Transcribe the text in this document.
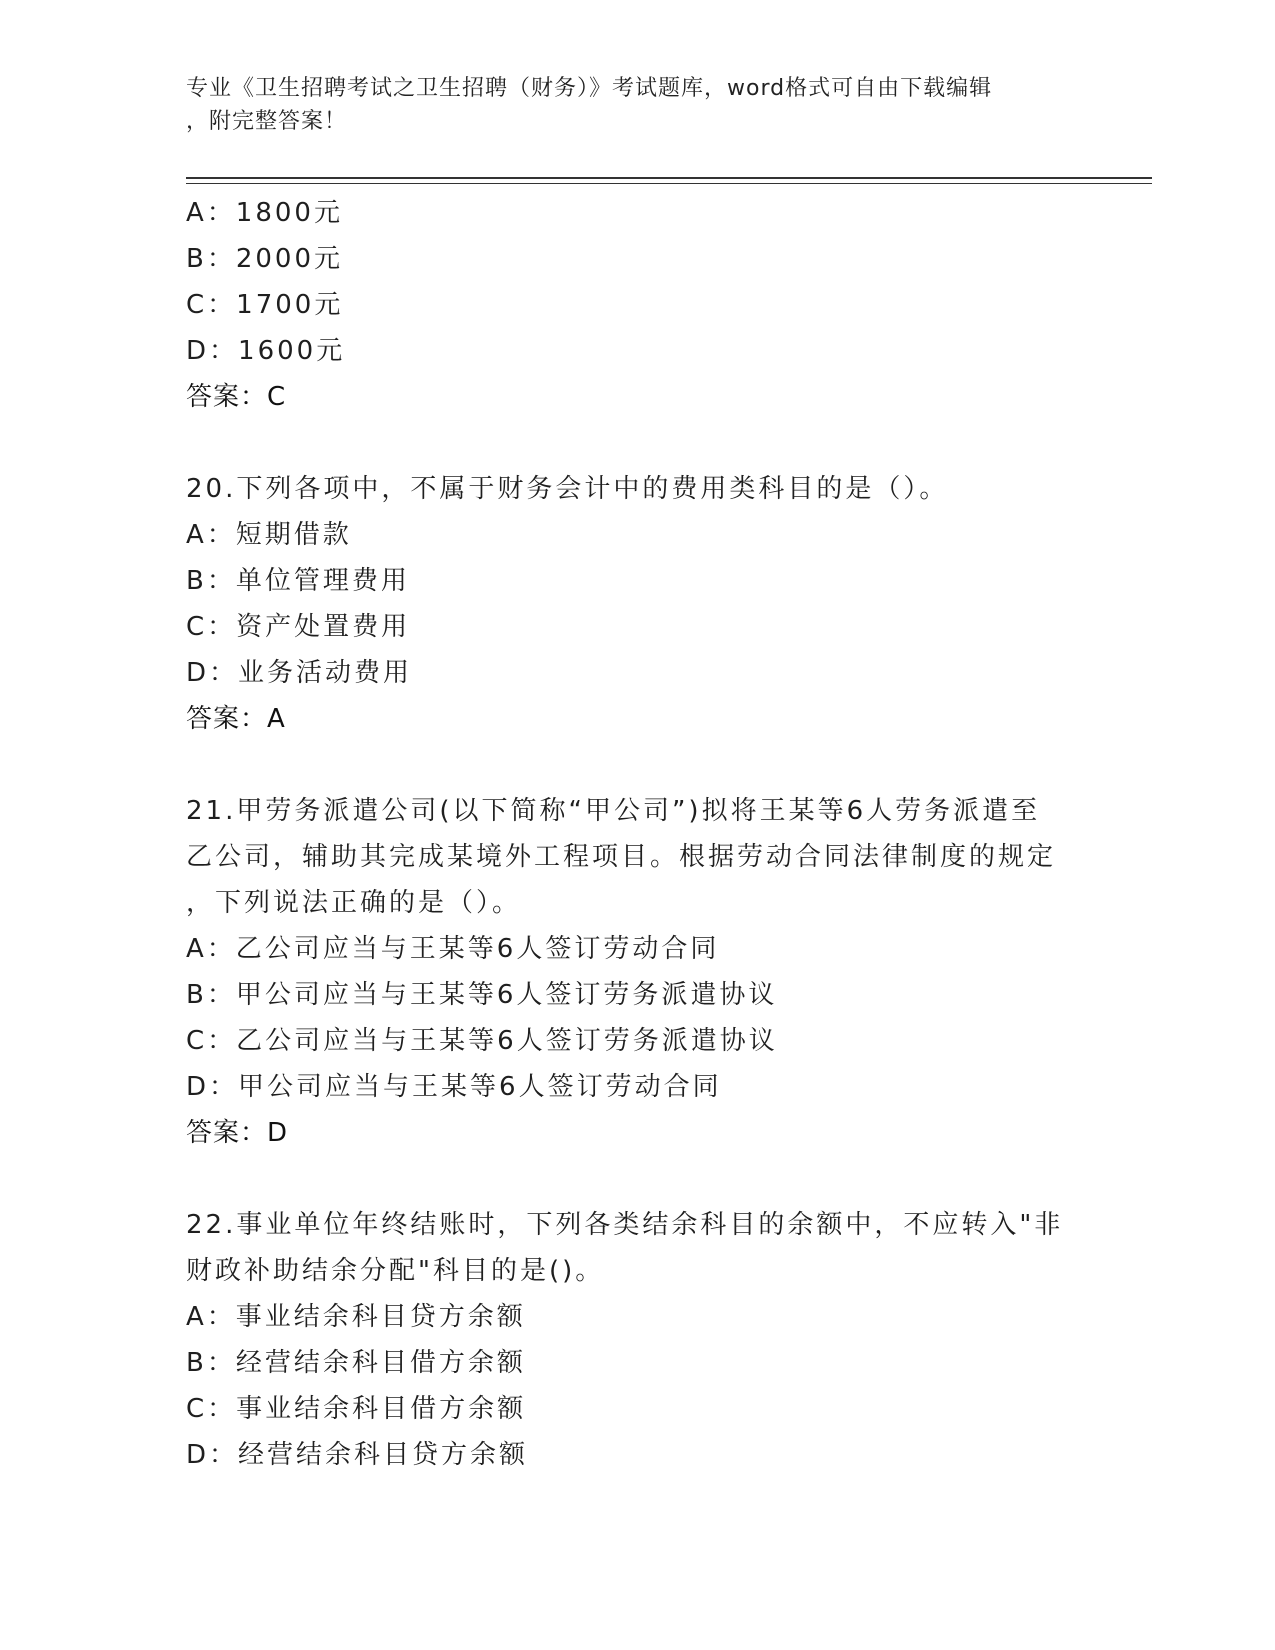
专业《卫生招聘考试之卫生招聘（财务）》考试题库，word格式可自由下载编辑
，附完整答案！
A：1800元
B：2000元
C：1700元
D：1600元
答案：C
20.下列各项中，不属于财务会计中的费用类科目的是（）。
A：短期借款
B：单位管理费用
C：资产处置费用
D：业务活动费用
答案：A
21.甲劳务派遣公司(以下简称“甲公司”)拟将王某等6人劳务派遣至
乙公司，辅助其完成某境外工程项目。根据劳动合同法律制度的规定
，下列说法正确的是（）。
A：乙公司应当与王某等6人签订劳动合同
B：甲公司应当与王某等6人签订劳务派遣协议
C：乙公司应当与王某等6人签订劳务派遣协议
D：甲公司应当与王某等6人签订劳动合同
答案：D
22.事业单位年终结账时，下列各类结余科目的余额中，不应转入"非
财政补助结余分配"科目的是()。
A：事业结余科目贷方余额
B：经营结余科目借方余额
C：事业结余科目借方余额
D：经营结余科目贷方余额
